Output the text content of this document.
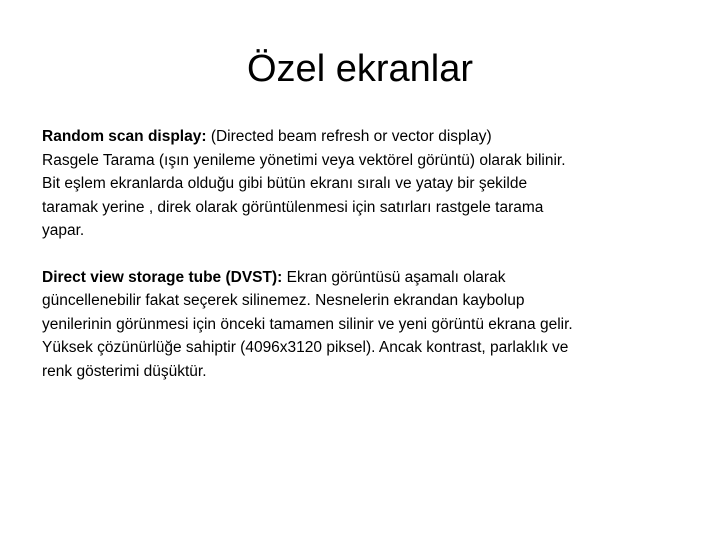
Özel ekranlar

Random scan display: (Directed beam refresh or vector display)
Rasgele Tarama (ışın yenileme yönetimi veya vektörel görüntü) olarak bilinir.
Bit eşlem ekranlarda olduğu gibi bütün ekranı sıralı ve yatay bir şekilde
taramak yerine , direk olarak görüntülenmesi için satırları rastgele tarama
yapar.

Direct view storage tube (DVST): Ekran görüntüsü aşamalı olarak
güncellenebilir fakat seçerek silinemez. Nesnelerin ekrandan kaybolup
yenilerinin görünmesi için önceki tamamen silinir ve yeni görüntü ekrana gelir.
Yüksek çözünürlüğe sahiptir (4096x3120 piksel). Ancak kontrast, parlaklık ve
renk gösterimi düşüktür.
